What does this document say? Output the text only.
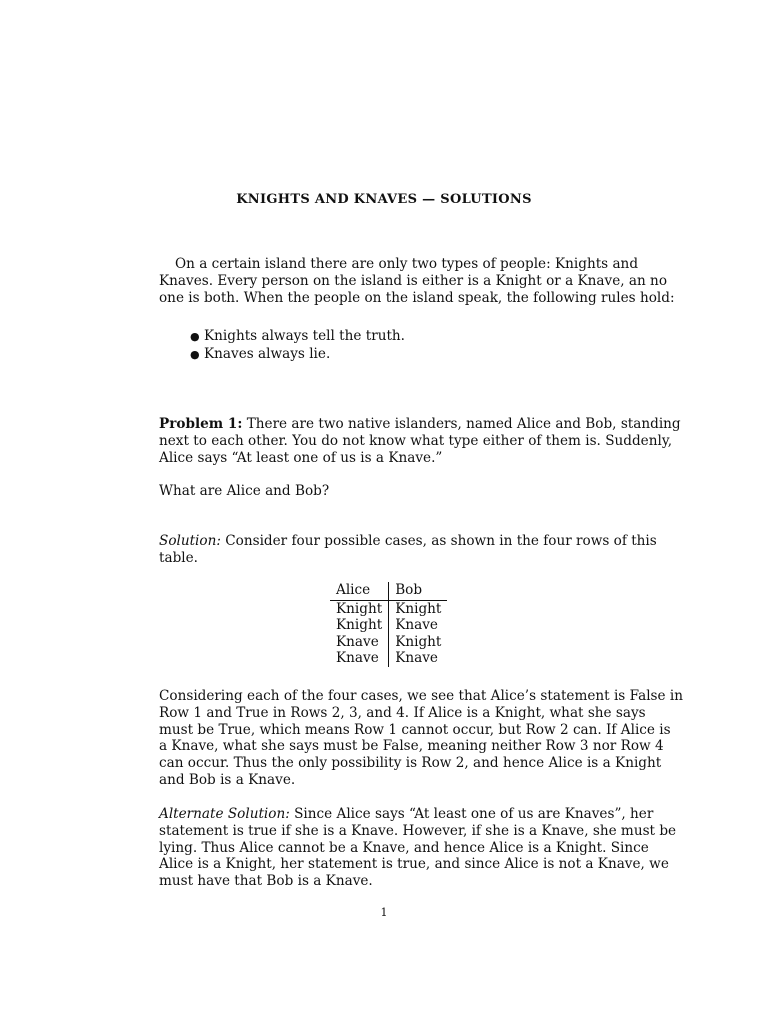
KNIGHTS AND KNAVES — SOLUTIONS
On a certain island there are only two types of people: Knights and
Knaves. Every person on the island is either is a Knight or a Knave, an no
one is both. When the people on the island speak, the following rules hold:
● Knights always tell the truth.
● Knaves always lie.
Problem 1: There are two native islanders, named Alice and Bob, standing
next to each other. You do not know what type either of them is. Suddenly,
Alice says “At least one of us is a Knave.”
What are Alice and Bob?
Solution: Consider four possible cases, as shown in the four rows of this
table.
Alice	Bob
Knight	Knight
Knight	Knave
Knave	Knight
Knave	Knave
Considering each of the four cases, we see that Alice’s statement is False in
Row 1 and True in Rows 2, 3, and 4. If Alice is a Knight, what she says
must be True, which means Row 1 cannot occur, but Row 2 can. If Alice is
a Knave, what she says must be False, meaning neither Row 3 nor Row 4
can occur. Thus the only possibility is Row 2, and hence Alice is a Knight
and Bob is a Knave.
Alternate Solution: Since Alice says “At least one of us are Knaves”, her
statement is true if she is a Knave. However, if she is a Knave, she must be
lying. Thus Alice cannot be a Knave, and hence Alice is a Knight. Since
Alice is a Knight, her statement is true, and since Alice is not a Knave, we
must have that Bob is a Knave.
1
